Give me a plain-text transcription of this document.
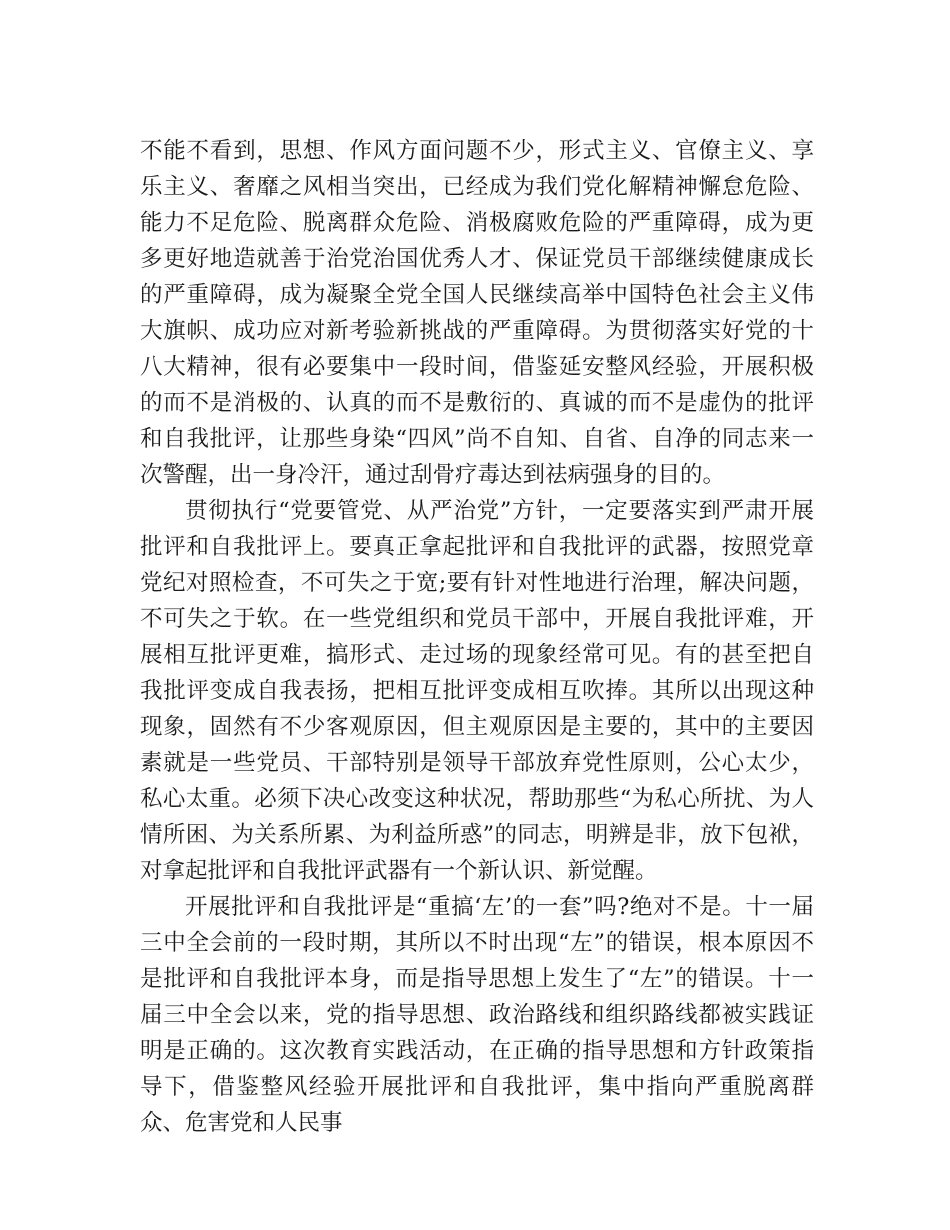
不能不看到，思想、作风方面问题不少，形式主义、官僚主义、享乐主义、奢靡之风相当突出，已经成为我们党化解精神懈怠危险、能力不足危险、脱离群众危险、消极腐败危险的严重障碍，成为更多更好地造就善于治党治国优秀人才、保证党员干部继续健康成长的严重障碍，成为凝聚全党全国人民继续高举中国特色社会主义伟大旗帜、成功应对新考验新挑战的严重障碍。为贯彻落实好党的十八大精神，很有必要集中一段时间，借鉴延安整风经验，开展积极的而不是消极的、认真的而不是敷衍的、真诚的而不是虚伪的批评和自我批评，让那些身染“四风”尚不自知、自省、自净的同志来一次警醒，出一身冷汗，通过刮骨疗毒达到祛病强身的目的。

贯彻执行“党要管党、从严治党”方针，一定要落实到严肃开展批评和自我批评上。要真正拿起批评和自我批评的武器，按照党章党纪对照检查，不可失之于宽;要有针对性地进行治理，解决问题，不可失之于软。在一些党组织和党员干部中，开展自我批评难，开展相互批评更难，搞形式、走过场的现象经常可见。有的甚至把自我批评变成自我表扬，把相互批评变成相互吹捧。其所以出现这种现象，固然有不少客观原因，但主观原因是主要的，其中的主要因素就是一些党员、干部特别是领导干部放弃党性原则，公心太少，私心太重。必须下决心改变这种状况，帮助那些“为私心所扰、为人情所困、为关系所累、为利益所惑”的同志，明辨是非，放下包袱，对拿起批评和自我批评武器有一个新认识、新觉醒。

开展批评和自我批评是“重搞‘左’的一套”吗?绝对不是。十一届三中全会前的一段时期，其所以不时出现“左”的错误，根本原因不是批评和自我批评本身，而是指导思想上发生了“左”的错误。十一届三中全会以来，党的指导思想、政治路线和组织路线都被实践证明是正确的。这次教育实践活动，在正确的指导思想和方针政策指导下，借鉴整风经验开展批评和自我批评，集中指向严重脱离群众、危害党和人民事
